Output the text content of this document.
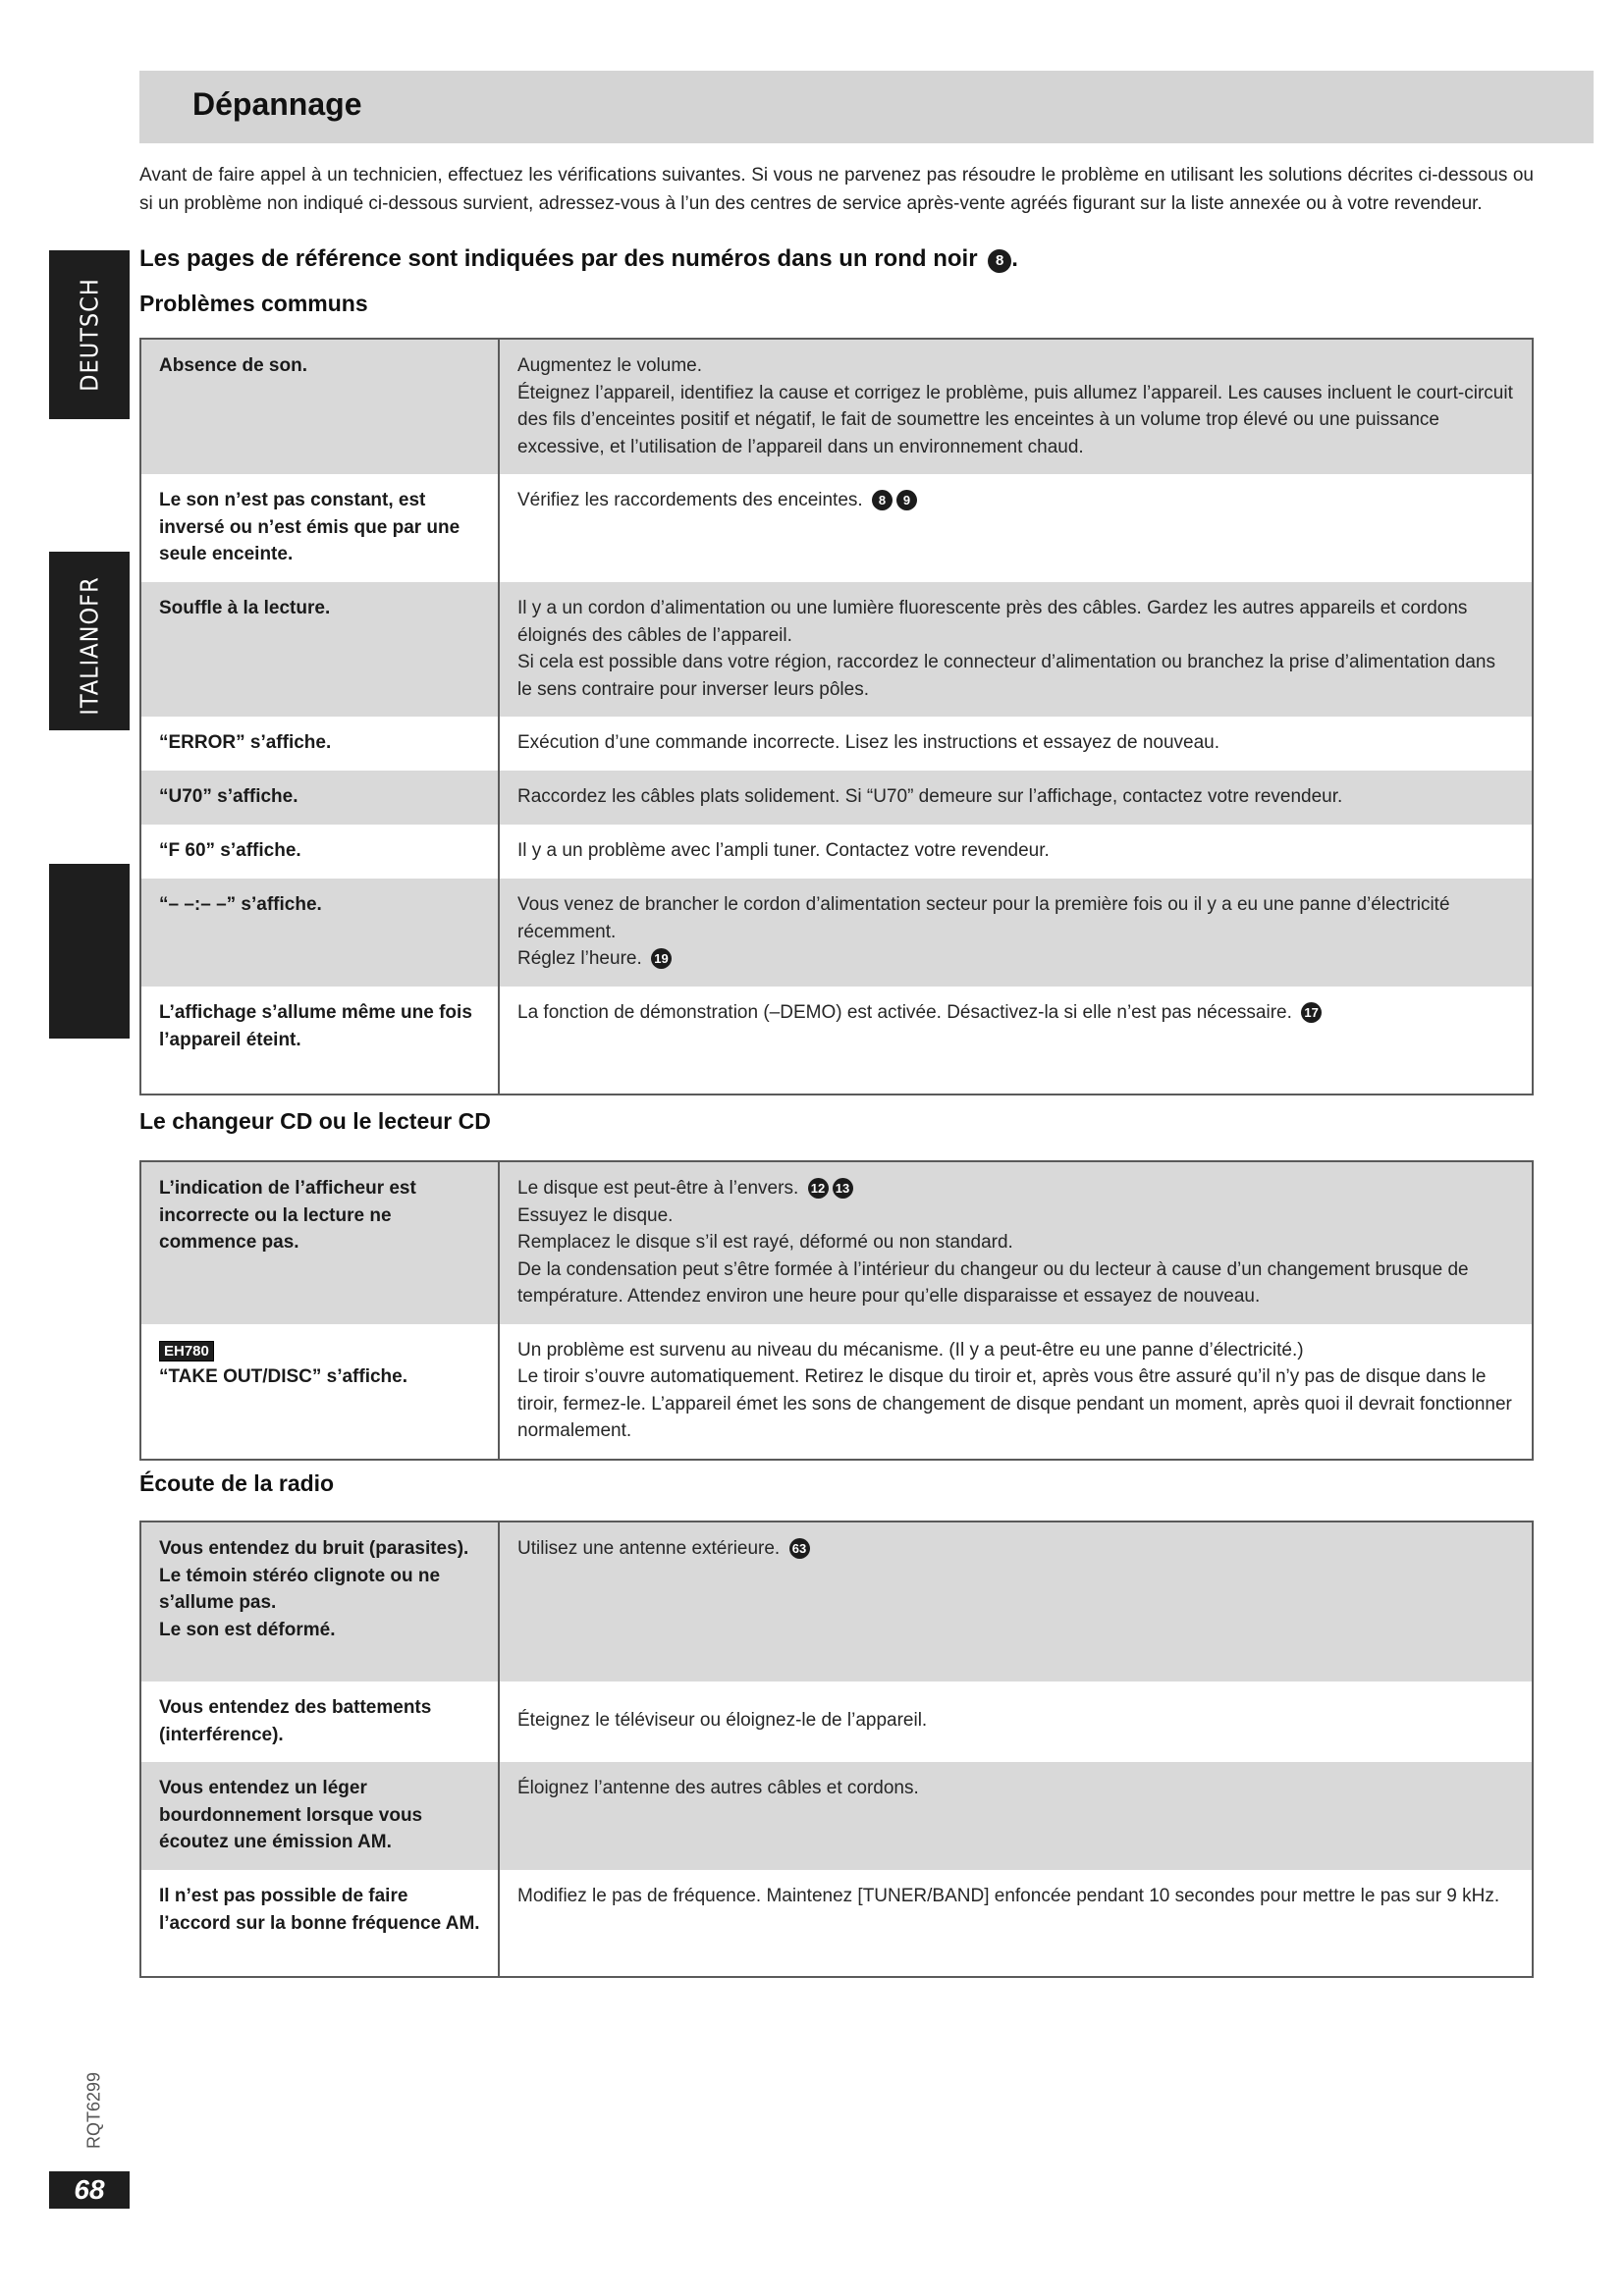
DEUTSCH
ITALIANOFR
Dépannage

Avant de faire appel à un technicien, effectuez les vérifications suivantes. Si vous ne parvenez pas résoudre le problème en utilisant les solutions décrites ci-dessous ou si un problème non indiqué ci-dessous survient, adressez-vous à l’un des centres de service après-vente agréés figurant sur la liste annexée ou à votre revendeur.

Les pages de référence sont indiquées par des numéros dans un rond noir 8 .
Problèmes communs
Absence de son.	Augmentez le volume.
Éteignez l’appareil, identifiez la cause et corrigez le problème, puis allumez l’appareil. Les causes incluent le court-circuit des fils d’enceintes positif et négatif, le fait de soumettre les enceintes à un volume trop élevé ou une puissance excessive, et l’utilisation de l’appareil dans un environnement chaud.

Le son n’est pas constant, est inversé ou n’est émis que par une seule enceinte.	Vérifiez les raccordements des enceintes. 8 9
Souffle à la lecture.	Il y a un cordon d’alimentation ou une lumière fluorescente près des câbles. Gardez les autres appareils et cordons éloignés des câbles de l’appareil.
Si cela est possible dans votre région, raccordez le connecteur d’alimentation ou branchez la prise d’alimentation dans le sens contraire pour inverser leurs pôles.

“ERROR” s’affiche.	Exécution d’une commande incorrecte. Lisez les instructions et essayez de nouveau.
“U70” s’affiche.	Raccordez les câbles plats solidement. Si “U70” demeure sur l’affichage, contactez votre revendeur.
“F 60” s’affiche.	Il y a un problème avec l’ampli tuner. Contactez votre revendeur.
“– –:– –” s’affiche.	Vous venez de brancher le cordon d’alimentation secteur pour la première fois ou il y a eu une panne d’électricité récemment.
Réglez l’heure. 19
L’affichage s’allume même une fois l’appareil éteint.	La fonction de démonstration (–DEMO) est activée. Désactivez-la si elle n’est pas nécessaire. 17
Le changeur CD ou le lecteur CD
L’indication de l’afficheur est incorrecte ou la lecture ne commence pas.	Le disque est peut-être à l’envers. 12 13
Essuyez le disque.
Remplacez le disque s’il est rayé, déformé ou non standard.
De la condensation peut s’être formée à l’intérieur du changeur ou du lecteur à cause d’un changement brusque de température. Attendez environ une heure pour qu’elle disparaisse et essayez de nouveau.

EH780
“TAKE OUT/DISC” s’affiche.	Un problème est survenu au niveau du mécanisme. (Il y a peut-être eu une panne d’électricité.)
Le tiroir s’ouvre automatiquement. Retirez le disque du tiroir et, après vous être assuré qu’il n’y pas de disque dans le tiroir, fermez-le. L’appareil émet les sons de changement de disque pendant un moment, après quoi il devrait fonctionner normalement.
Écoute de la radio
Vous entendez du bruit (parasites).
Le témoin stéréo clignote ou ne s’allume pas.
Le son est déformé.	Utilisez une antenne extérieure. 63
Vous entendez des battements (interférence).	Éteignez le téléviseur ou éloignez-le de l’appareil.
Vous entendez un léger bourdonnement lorsque vous écoutez une émission AM.	Éloignez l’antenne des autres câbles et cordons.
Il n’est pas possible de faire l’accord sur la bonne fréquence AM.	Modifiez le pas de fréquence. Maintenez [TUNER/BAND] enfoncée pendant 10 secondes pour mettre le pas sur 9 kHz.
RQT6299
68
